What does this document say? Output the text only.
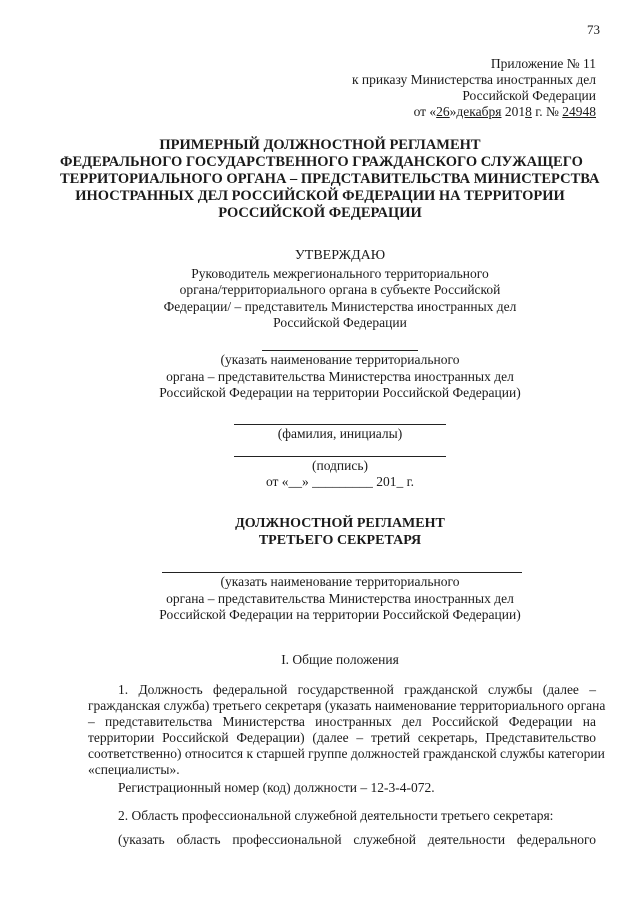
73
Приложение № 11
к приказу Министерства иностранных дел
Российской Федерации
от «26»декабря 2018 г. № 24948
ПРИМЕРНЫЙ ДОЛЖНОСТНОЙ РЕГЛАМЕНТ
ФЕДЕРАЛЬНОГО ГОСУДАРСТВЕННОГО ГРАЖДАНСКОГО СЛУЖАЩЕГО
ТЕРРИТОРИАЛЬНОГО ОРГАНА – ПРЕДСТАВИТЕЛЬСТВА МИНИСТЕРСТВА
ИНОСТРАННЫХ ДЕЛ РОССИЙСКОЙ ФЕДЕРАЦИИ НА ТЕРРИТОРИИ
РОССИЙСКОЙ ФЕДЕРАЦИИ
УТВЕРЖДАЮ
Руководитель межрегионального территориального
органа/территориального органа в субъекте Российской
Федерации/ – представитель Министерства иностранных дел
Российской Федерации
(указать наименование территориального
органа – представительства Министерства иностранных дел
Российской Федерации на территории Российской Федерации)
(фамилия, инициалы)
(подпись)
от «__» _________ 201_ г.
ДОЛЖНОСТНОЙ РЕГЛАМЕНТ
ТРЕТЬЕГО СЕКРЕТАРЯ
(указать наименование территориального
органа – представительства Министерства иностранных дел
Российской Федерации на территории Российской Федерации)
I. Общие положения
1. Должность федеральной государственной гражданской службы (далее –
гражданская служба) третьего секретаря (указать наименование территориального органа
– представительства Министерства иностранных дел Российской Федерации на
территории Российской Федерации) (далее – третий секретарь, Представительство
соответственно) относится к старшей группе должностей гражданской службы категории
«специалисты».
Регистрационный номер (код) должности – 12-3-4-072.
2. Область профессиональной служебной деятельности третьего секретаря:
(указать область профессиональной служебной деятельности федерального
